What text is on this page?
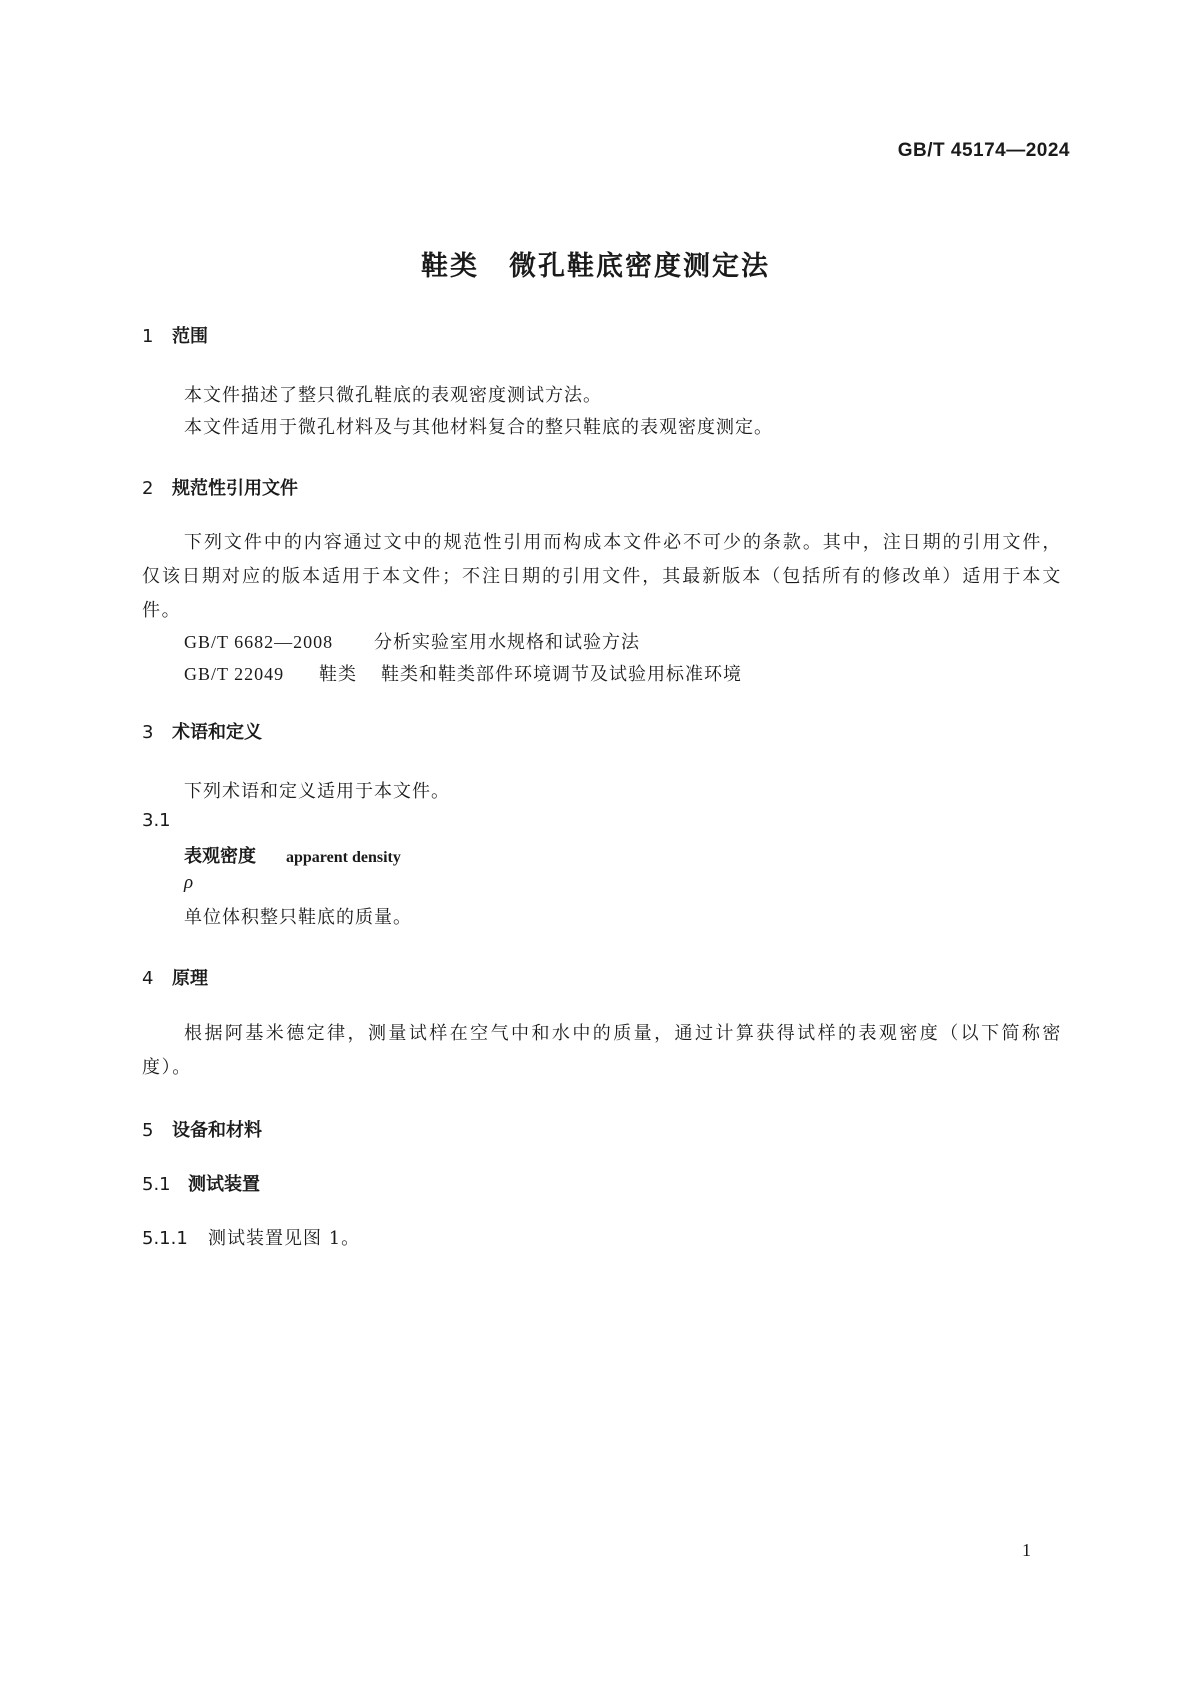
GB/T 45174—2024
鞋类 微孔鞋底密度测定法
1 范围
本文件描述了整只微孔鞋底的表观密度测试方法。
本文件适用于微孔材料及与其他材料复合的整只鞋底的表观密度测定。
2 规范性引用文件
下列文件中的内容通过文中的规范性引用而构成本文件必不可少的条款。其中，注日期的引用文件，仅该日期对应的版本适用于本文件；不注日期的引用文件，其最新版本（包括所有的修改单）适用于本文件。
GB/T 6682—2008 分析实验室用水规格和试验方法
GB/T 22049 鞋类 鞋类和鞋类部件环境调节及试验用标准环境
3 术语和定义
下列术语和定义适用于本文件。
3.1
表观密度 apparent density
ρ
单位体积整只鞋底的质量。
4 原理
根据阿基米德定律，测量试样在空气中和水中的质量，通过计算获得试样的表观密度（以下简称密度）。
5 设备和材料
5.1 测试装置
5.1.1 测试装置见图 1。
1
